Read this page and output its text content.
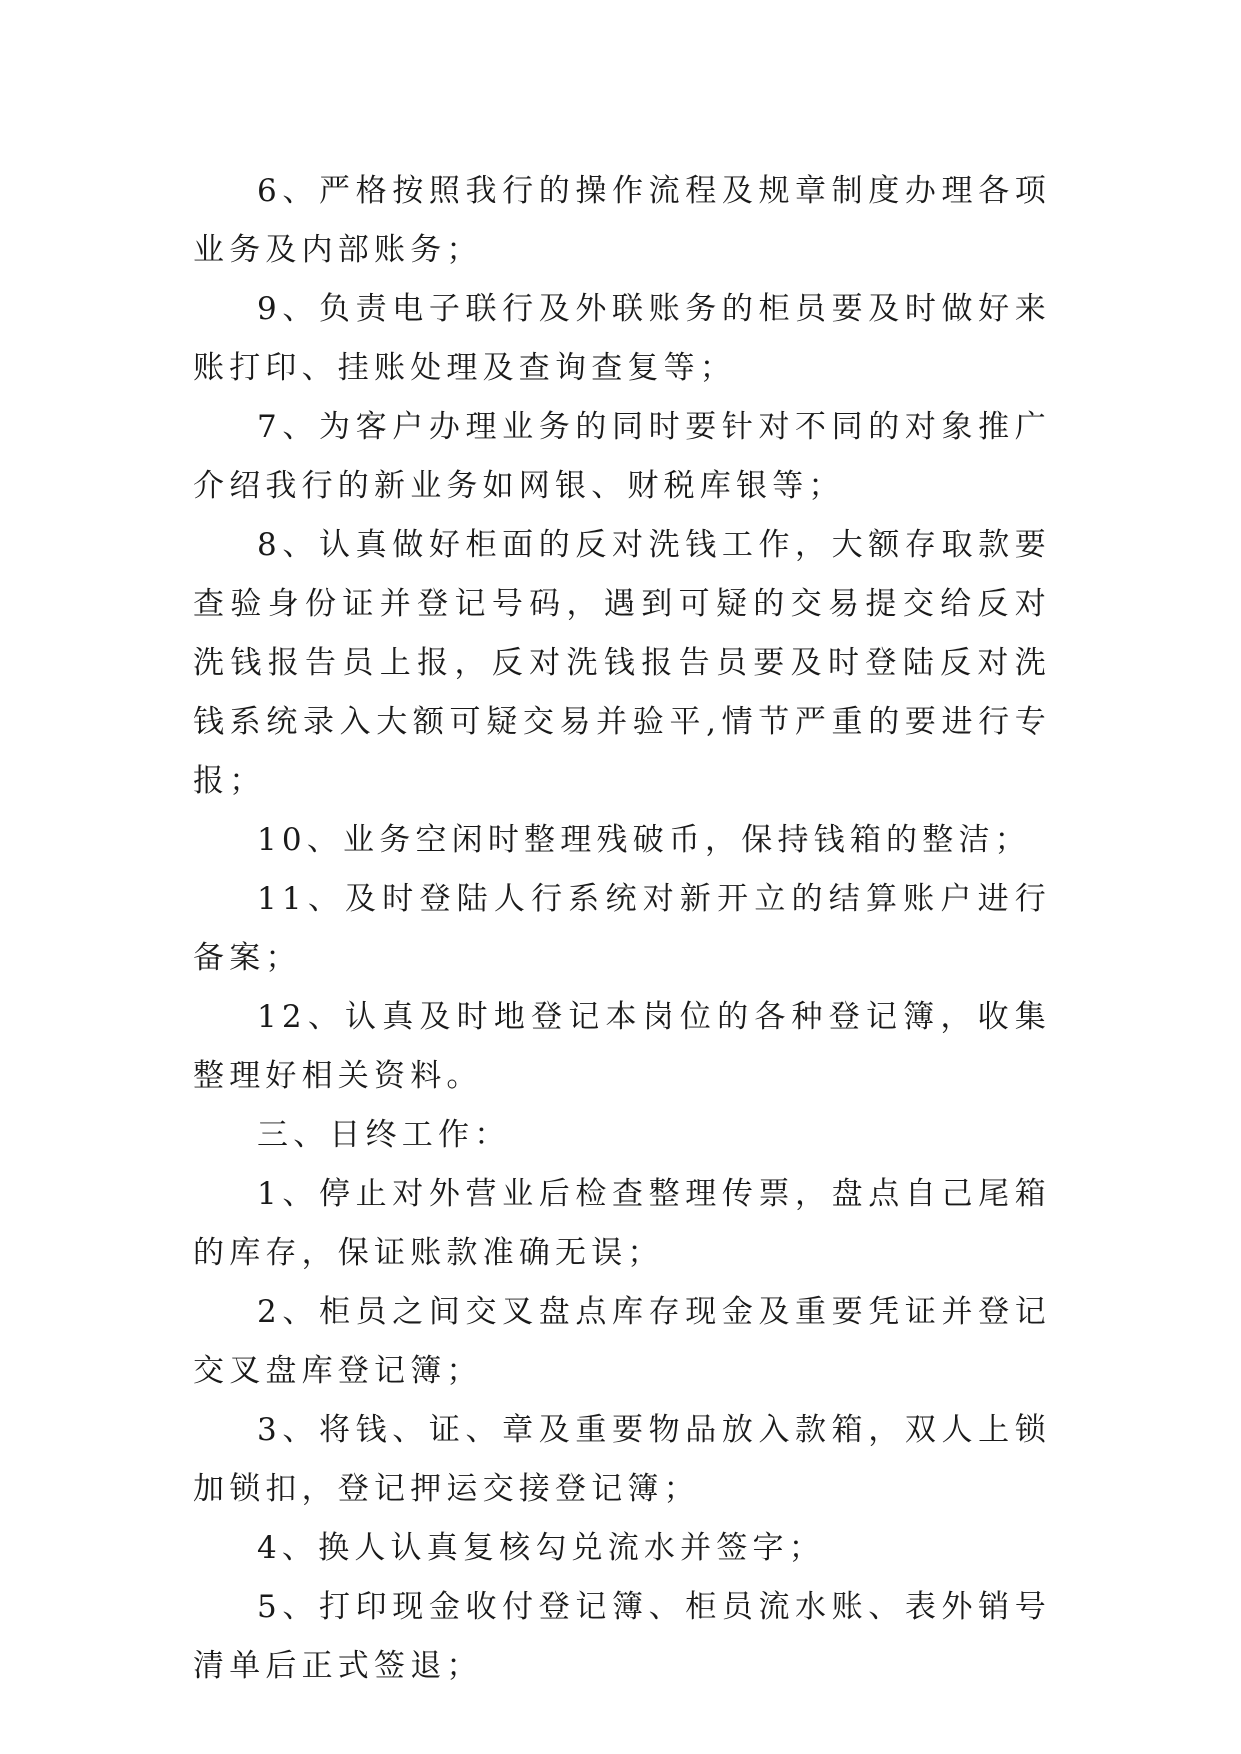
6、严格按照我行的操作流程及规章制度办理各项业务及内部账务；

9、负责电子联行及外联账务的柜员要及时做好来账打印、挂账处理及查询查复等；

7、为客户办理业务的同时要针对不同的对象推广介绍我行的新业务如网银、财税库银等；

8、认真做好柜面的反对洗钱工作，大额存取款要查验身份证并登记号码，遇到可疑的交易提交给反对洗钱报告员上报，反对洗钱报告员要及时登陆反对洗钱系统录入大额可疑交易并验平,情节严重的要进行专报；

10、业务空闲时整理残破币，保持钱箱的整洁；

11、及时登陆人行系统对新开立的结算账户进行备案；

12、认真及时地登记本岗位的各种登记簿，收集整理好相关资料。

三、日终工作：

1、停止对外营业后检查整理传票，盘点自己尾箱的库存，保证账款准确无误；

2、柜员之间交叉盘点库存现金及重要凭证并登记交叉盘库登记簿；

3、将钱、证、章及重要物品放入款箱，双人上锁加锁扣，登记押运交接登记簿；

4、换人认真复核勾兑流水并签字；

5、打印现金收付登记簿、柜员流水账、表外销号清单后正式签退；
